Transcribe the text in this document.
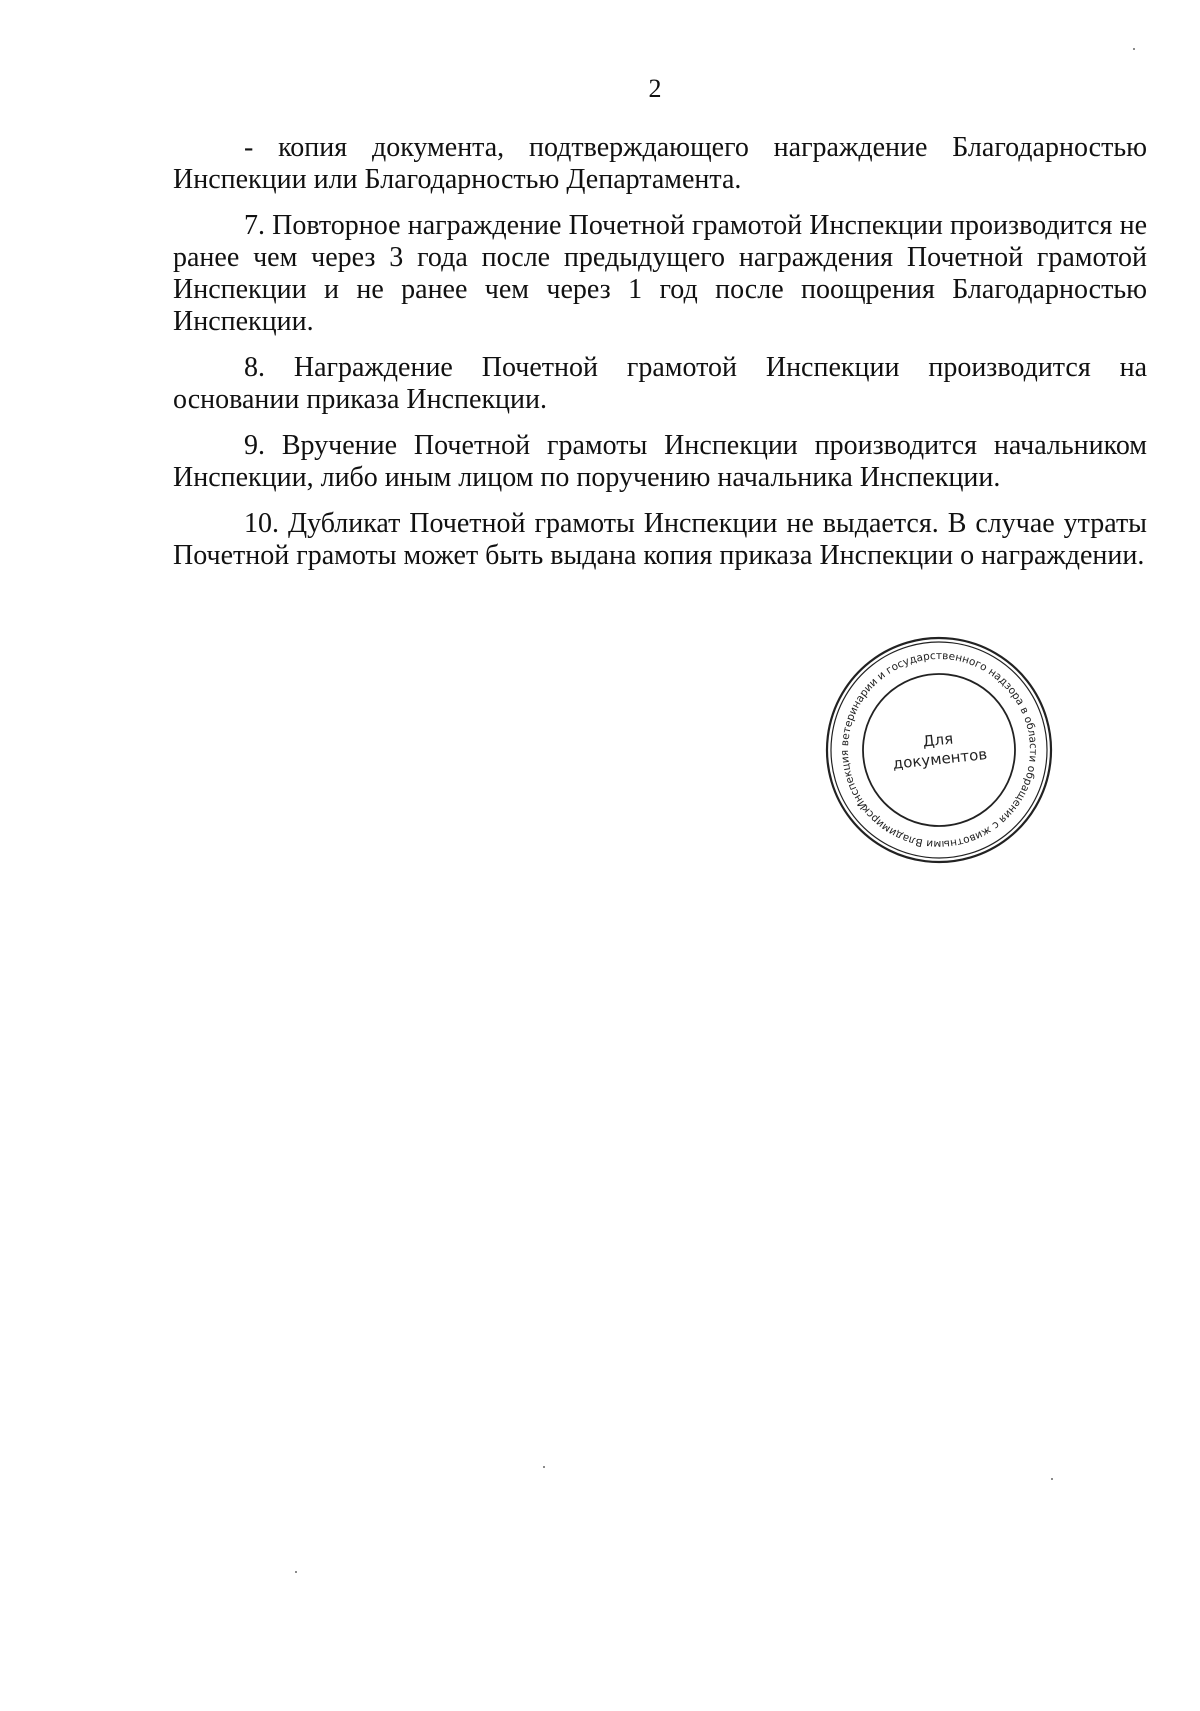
2

- копия документа, подтверждающего награждение Благодарностью Инспекции или Благодарностью Департамента.

7. Повторное награждение Почетной грамотой Инспекции производится не ранее чем через 3 года после предыдущего награждения Почетной грамотой Инспекции и не ранее чем через 1 год после поощрения Благодарностью Инспекции.

8. Награждение Почетной грамотой Инспекции производится на основании приказа Инспекции.

9. Вручение Почетной грамоты Инспекции производится начальником Инспекции, либо иным лицом по поручению начальника Инспекции.

10. Дубликат Почетной грамоты Инспекции не выдается. В случае утраты Почетной грамоты может быть выдана копия приказа Инспекции о награждении.

Инспекция ветеринарии и государственного надзора в области обращения с животными Владимирской
Для
документов
